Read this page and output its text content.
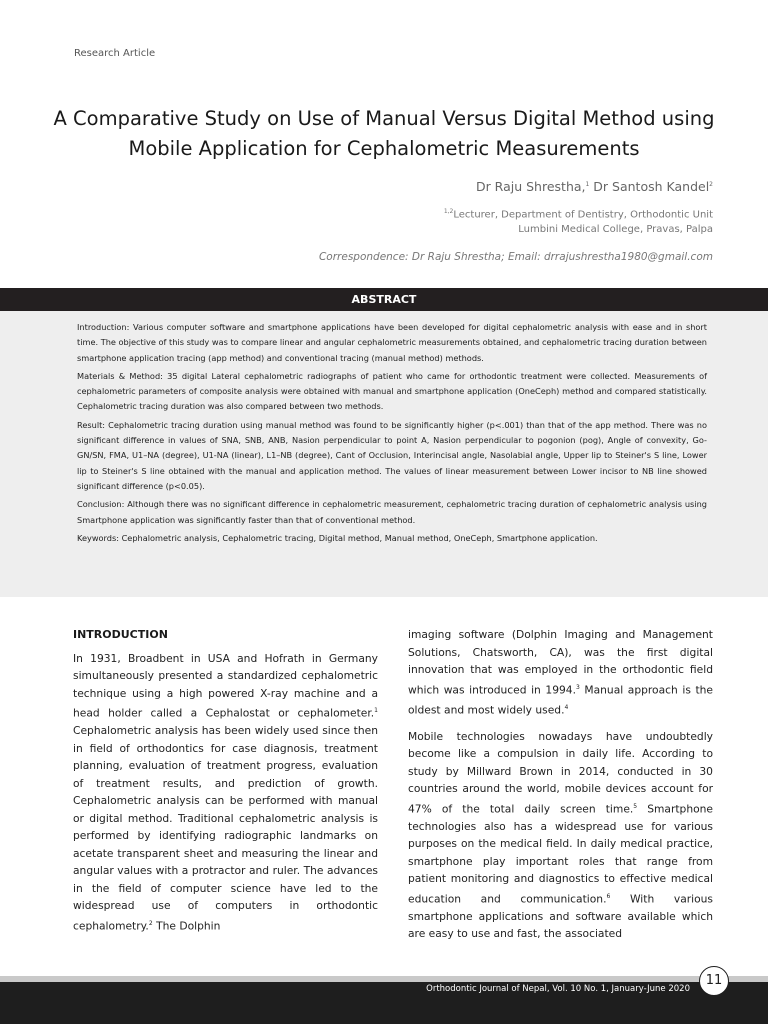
Research Article
A Comparative Study on Use of Manual Versus Digital Method using Mobile Application for Cephalometric Measurements
Dr Raju Shrestha,$^1$ Dr Santosh Kandel$^2$
$^{1,2}$Lecturer, Department of Dentistry, Orthodontic Unit
Lumbini Medical College, Pravas, Palpa
Correspondence: Dr Raju Shrestha; Email: drrajushrestha1980@gmail.com
ABSTRACT

Introduction: Various computer software and smartphone applications have been developed for digital cephalometric analysis with ease and in short time. The objective of this study was to compare linear and angular cephalometric measurements obtained, and cephalometric tracing duration between smartphone application tracing (app method) and conventional tracing (manual method) methods.

Materials & Method: 35 digital Lateral cephalometric radiographs of patient who came for orthodontic treatment were collected. Measurements of cephalometric parameters of composite analysis were obtained with manual and smartphone application (OneCeph) method and compared statistically. Cephalometric tracing duration was also compared between two methods.

Result: Cephalometric tracing duration using manual method was found to be significantly higher (p<.001) than that of the app method. There was no significant difference in values of SNA, SNB, ANB, Nasion perpendicular to point A, Nasion perpendicular to pogonion (pog), Angle of convexity, Go-GN/SN, FMA, U1–NA (degree), U1-NA (linear), L1–NB (degree), Cant of Occlusion, Interincisal angle, Nasolabial angle, Upper lip to Steiner's S line, Lower lip to Steiner's S line obtained with the manual and application method. The values of linear measurement between Lower incisor to NB line showed significant difference (p<0.05).

Conclusion: Although there was no significant difference in cephalometric measurement, cephalometric tracing duration of cephalometric analysis using Smartphone application was significantly faster than that of conventional method.

Keywords: Cephalometric analysis, Cephalometric tracing, Digital method, Manual method, OneCeph, Smartphone application.

INTRODUCTION

In 1931, Broadbent in USA and Hofrath in Germany simultaneously presented a standardized cephalometric technique using a high powered X-ray machine and a head holder called a Cephalostat or cephalometer.$^1$ Cephalometric analysis has been widely used since then in field of orthodontics for case diagnosis, treatment planning, evaluation of treatment progress, evaluation of treatment results, and prediction of growth. Cephalometric analysis can be performed with manual or digital method. Traditional cephalometric analysis is performed by identifying radiographic landmarks on acetate transparent sheet and measuring the linear and angular values with a protractor and ruler. The advances in the field of computer science have led to the widespread use of computers in orthodontic cephalometry.$^2$ The Dolphin

imaging software (Dolphin Imaging and Management Solutions, Chatsworth, CA), was the first digital innovation that was employed in the orthodontic field which was introduced in 1994.$^3$ Manual approach is the oldest and most widely used.$^4$

Mobile technologies nowadays have undoubtedly become like a compulsion in daily life. According to study by Millward Brown in 2014, conducted in 30 countries around the world, mobile devices account for 47% of the total daily screen time.$^5$ Smartphone technologies also has a widespread use for various purposes on the medical field. In daily medical practice, smartphone play important roles that range from patient monitoring and diagnostics to effective medical education and communication.$^6$ With various smartphone applications and software available which are easy to use and fast, the associated

Orthodontic Journal of Nepal, Vol. 10 No. 1, January-June 2020
11
